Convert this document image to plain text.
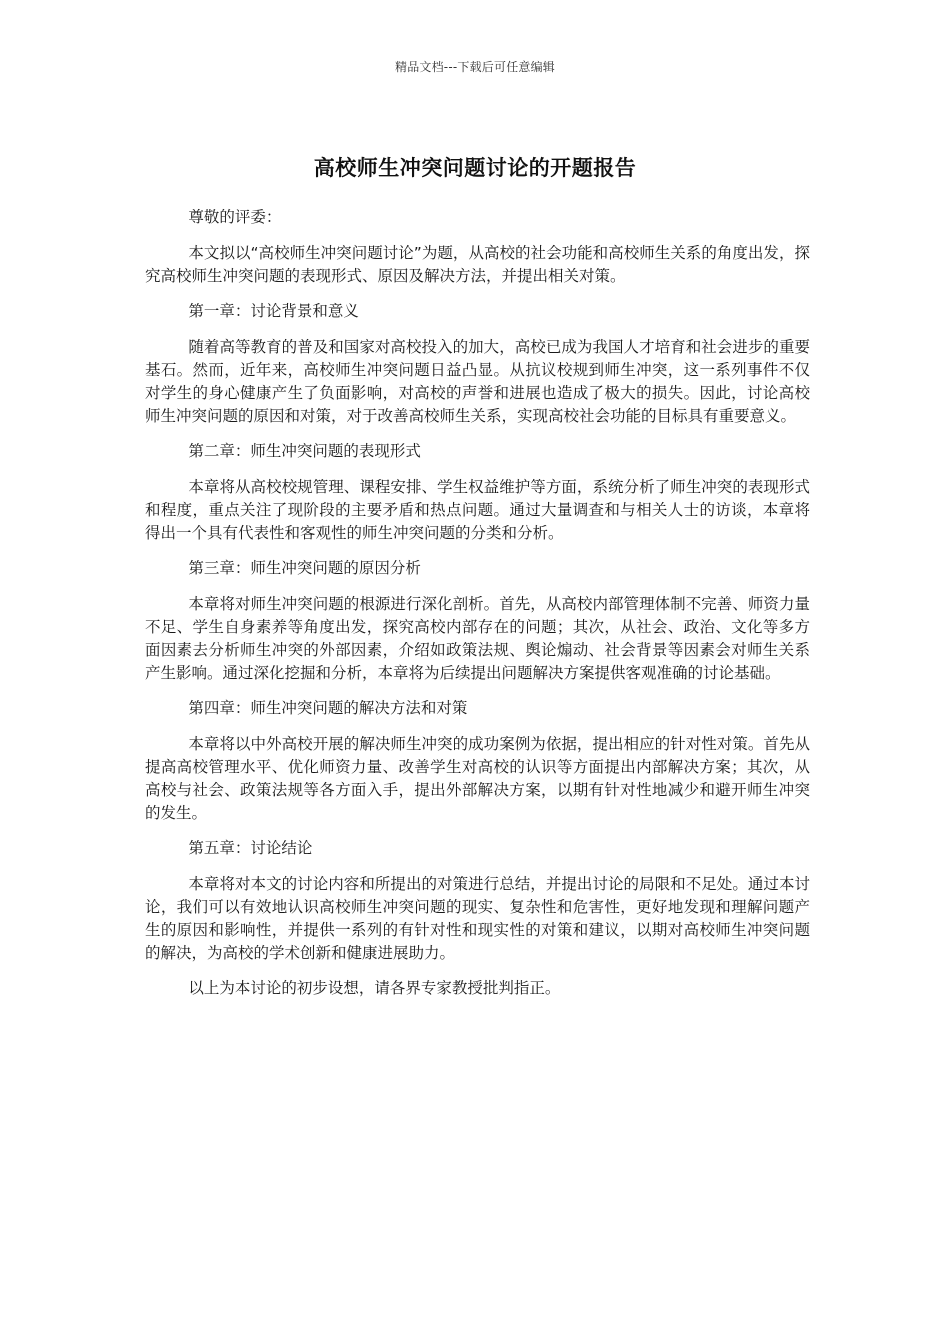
精品文档---下载后可任意编辑
高校师生冲突问题讨论的开题报告

尊敬的评委：

本文拟以“高校师生冲突问题讨论”为题，从高校的社会功能和高校师生关系的角度出发，探究高校师生冲突问题的表现形式、原因及解决方法，并提出相关对策。

第一章：讨论背景和意义

随着高等教育的普及和国家对高校投入的加大，高校已成为我国人才培育和社会进步的重要基石。然而，近年来，高校师生冲突问题日益凸显。从抗议校规到师生冲突，这一系列事件不仅对学生的身心健康产生了负面影响，对高校的声誉和进展也造成了极大的损失。因此，讨论高校师生冲突问题的原因和对策，对于改善高校师生关系，实现高校社会功能的目标具有重要意义。

第二章：师生冲突问题的表现形式

本章将从高校校规管理、课程安排、学生权益维护等方面，系统分析了师生冲突的表现形式和程度，重点关注了现阶段的主要矛盾和热点问题。通过大量调查和与相关人士的访谈，本章将得出一个具有代表性和客观性的师生冲突问题的分类和分析。

第三章：师生冲突问题的原因分析

本章将对师生冲突问题的根源进行深化剖析。首先，从高校内部管理体制不完善、师资力量不足、学生自身素养等角度出发，探究高校内部存在的问题；其次，从社会、政治、文化等多方面因素去分析师生冲突的外部因素，介绍如政策法规、舆论煽动、社会背景等因素会对师生关系产生影响。通过深化挖掘和分析，本章将为后续提出问题解决方案提供客观准确的讨论基础。

第四章：师生冲突问题的解决方法和对策

本章将以中外高校开展的解决师生冲突的成功案例为依据，提出相应的针对性对策。首先从提高高校管理水平、优化师资力量、改善学生对高校的认识等方面提出内部解决方案；其次，从高校与社会、政策法规等各方面入手，提出外部解决方案，以期有针对性地减少和避开师生冲突的发生。

第五章：讨论结论

本章将对本文的讨论内容和所提出的对策进行总结，并提出讨论的局限和不足处。通过本讨论，我们可以有效地认识高校师生冲突问题的现实、复杂性和危害性，更好地发现和理解问题产生的原因和影响性，并提供一系列的有针对性和现实性的对策和建议，以期对高校师生冲突问题的解决，为高校的学术创新和健康进展助力。

以上为本讨论的初步设想，请各界专家教授批判指正。
